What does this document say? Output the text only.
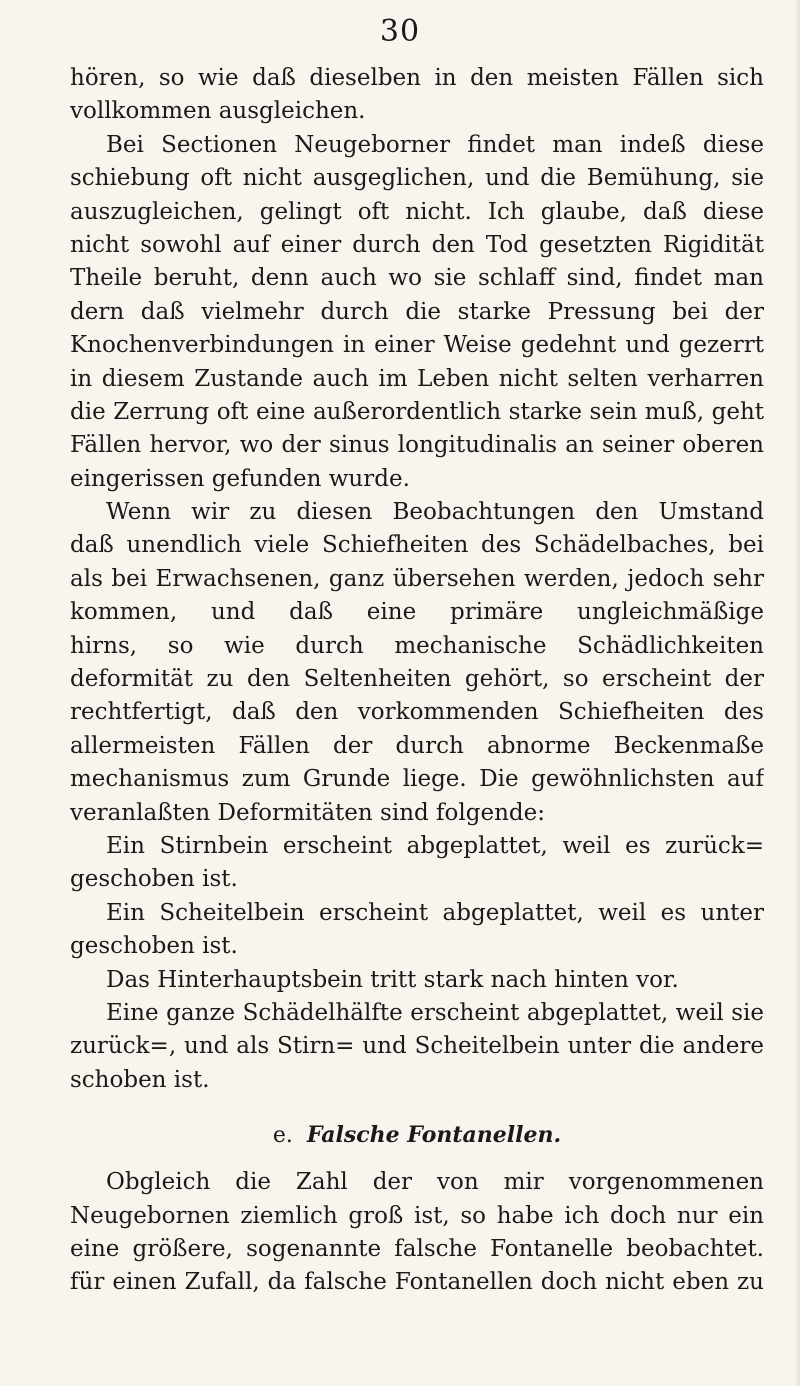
30
hören, so wie daß dieselben in den meisten Fällen sich
vollkommen ausgleichen.
Bei Sectionen Neugeborner findet man indeß diese
schiebung oft nicht ausgeglichen, und die Bemühung, sie
auszugleichen, gelingt oft nicht. Ich glaube, daß diese
nicht sowohl auf einer durch den Tod gesetzten Rigidität
Theile beruht, denn auch wo sie schlaff sind, findet man
dern daß vielmehr durch die starke Pressung bei der
Knochenverbindungen in einer Weise gedehnt und gezerrt
in diesem Zustande auch im Leben nicht selten verharren
die Zerrung oft eine außerordentlich starke sein muß, geht
Fällen hervor, wo der sinus longitudinalis an seiner oberen
eingerissen gefunden wurde.
Wenn wir zu diesen Beobachtungen den Umstand
daß unendlich viele Schiefheiten des Schädelbaches, bei
als bei Erwachsenen, ganz übersehen werden, jedoch sehr
kommen, und daß eine primäre ungleichmäßige
hirns, so wie durch mechanische Schädlichkeiten
deformität zu den Seltenheiten gehört, so erscheint der
rechtfertigt, daß den vorkommenden Schiefheiten des
allermeisten Fällen der durch abnorme Beckenmaße
mechanismus zum Grunde liege. Die gewöhnlichsten auf
veranlaßten Deformitäten sind folgende:
Ein Stirnbein erscheint abgeplattet, weil es zurück=
geschoben ist.
Ein Scheitelbein erscheint abgeplattet, weil es unter
geschoben ist.
Das Hinterhauptsbein tritt stark nach hinten vor.
Eine ganze Schädelhälfte erscheint abgeplattet, weil sie
zurück=, und als Stirn= und Scheitelbein unter die andere
schoben ist.
e. Falsche Fontanellen.
Obgleich die Zahl der von mir vorgenommenen
Neugebornen ziemlich groß ist, so habe ich doch nur ein
eine größere, sogenannte falsche Fontanelle beobachtet.
für einen Zufall, da falsche Fontanellen doch nicht eben zu
